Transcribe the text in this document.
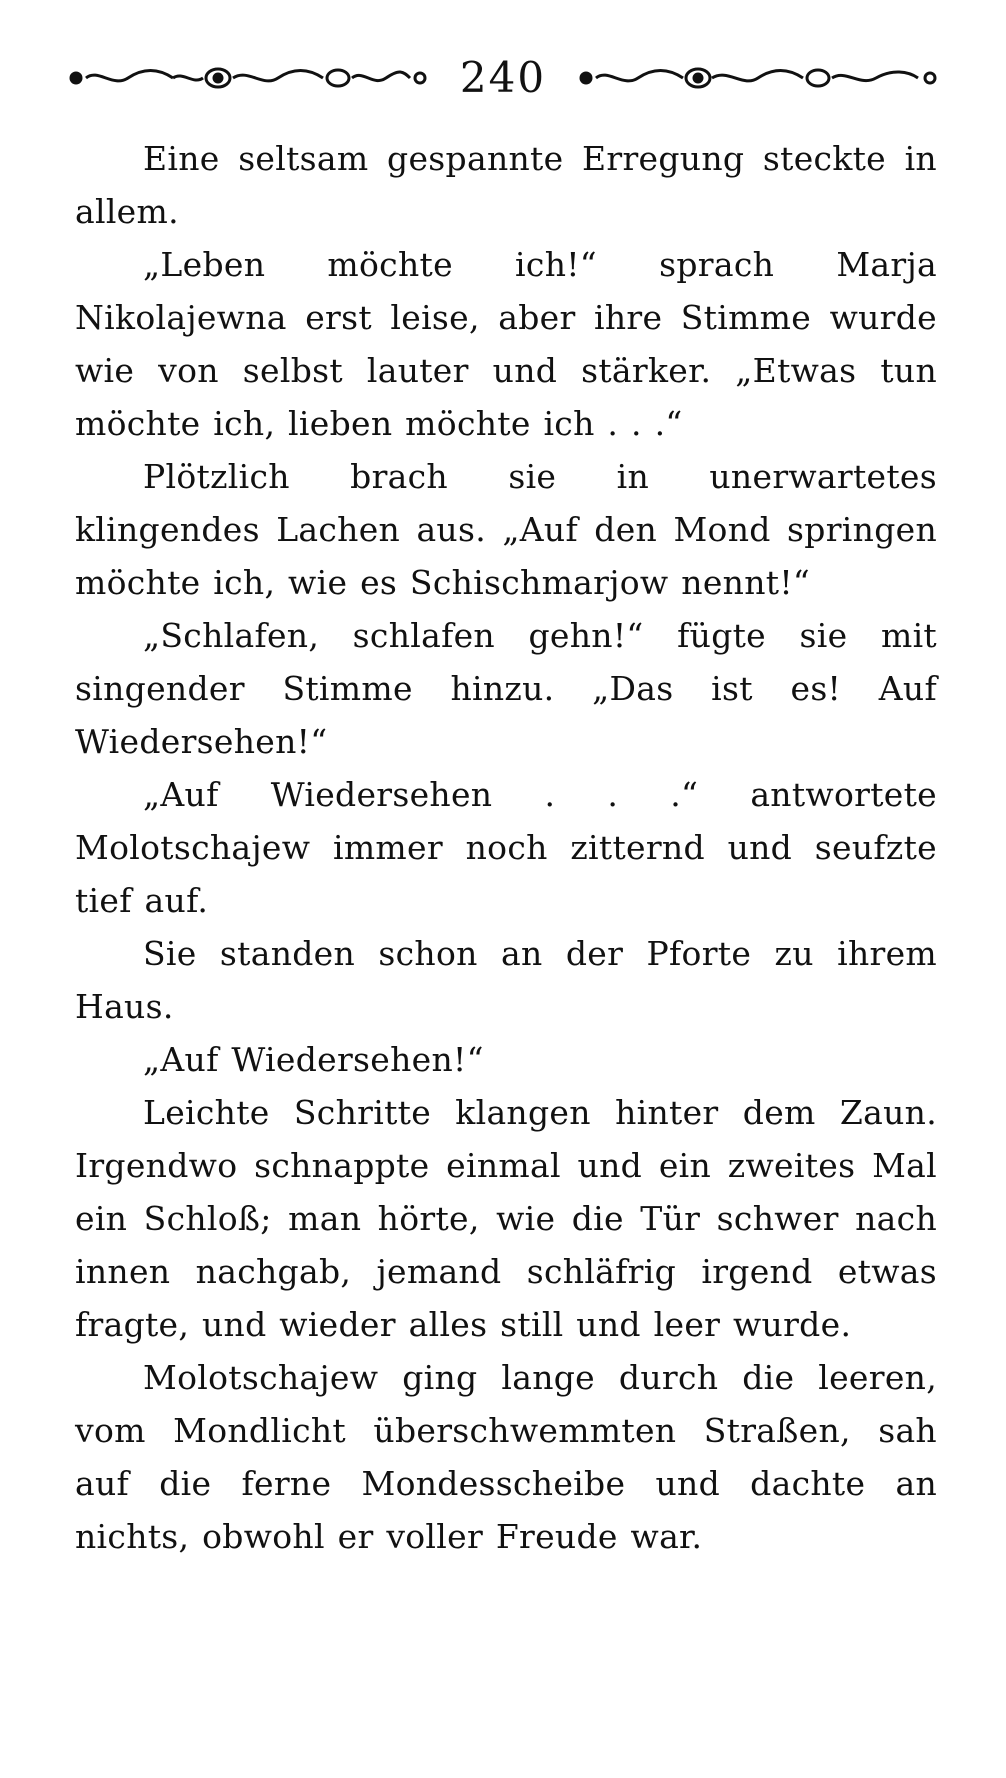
240

Eine seltsam gespannte Erregung steckte in allem.

„Leben möchte ich!“ sprach Marja Nikolajewna erst leise, aber ihre Stimme wurde wie von selbst lauter und stärker. „Etwas tun möchte ich, lieben möchte ich . . .“

Plötzlich brach sie in unerwartetes klingendes Lachen aus. „Auf den Mond springen möchte ich, wie es Schischmarjow nennt!“

„Schlafen, schlafen gehn!“ fügte sie mit singender Stimme hinzu. „Das ist es! Auf Wiedersehen!“

„Auf Wiedersehen . . .“ antwortete Molotschajew immer noch zitternd und seufzte tief auf.

Sie standen schon an der Pforte zu ihrem Haus.

„Auf Wiedersehen!“

Leichte Schritte klangen hinter dem Zaun. Irgendwo schnappte einmal und ein zweites Mal ein Schloß; man hörte, wie die Tür schwer nach innen nachgab, jemand schläfrig irgend etwas fragte, und wieder alles still und leer wurde.

Molotschajew ging lange durch die leeren, vom Mondlicht überschwemmten Straßen, sah auf die ferne Mondesscheibe und dachte an nichts, obwohl er voller Freude war.
